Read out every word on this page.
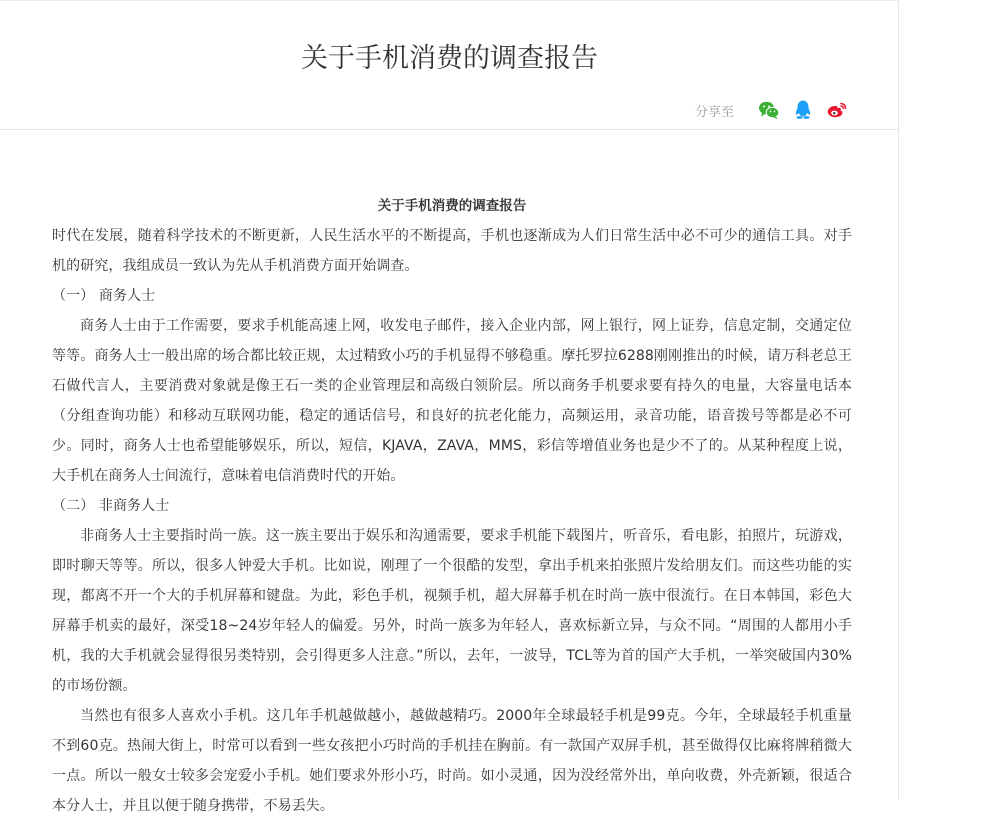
关于手机消费的调查报告
分享至

关于手机消费的调查报告

时代在发展，随着科学技术的不断更新，人民生活水平的不断提高，手机也逐渐成为人们日常生活中必不可少的通信工具。对手机的研究，我组成员一致认为先从手机消费方面开始调查。

（一） 商务人士

商务人士由于工作需要，要求手机能高速上网，收发电子邮件，接入企业内部，网上银行，网上证券，信息定制，交通定位等等。商务人士一般出席的场合都比较正规，太过精致小巧的手机显得不够稳重。摩托罗拉6288刚刚推出的时候，请万科老总王石做代言人，主要消费对象就是像王石一类的企业管理层和高级白领阶层。所以商务手机要求要有持久的电量，大容量电话本（分组查询功能）和移动互联网功能，稳定的通话信号，和良好的抗老化能力，高频运用，录音功能，语音拨号等都是必不可少。同时，商务人士也希望能够娱乐，所以，短信，KJAVA，ZAVA，MMS，彩信等增值业务也是少不了的。从某种程度上说，大手机在商务人士间流行，意味着电信消费时代的开始。

（二） 非商务人士

非商务人士主要指时尚一族。这一族主要出于娱乐和沟通需要，要求手机能下载图片，听音乐，看电影，拍照片，玩游戏，即时聊天等等。所以，很多人钟爱大手机。比如说，刚理了一个很酷的发型，拿出手机来拍张照片发给朋友们。而这些功能的实现，都离不开一个大的手机屏幕和键盘。为此，彩色手机，视频手机，超大屏幕手机在时尚一族中很流行。在日本韩国，彩色大屏幕手机卖的最好，深受18~24岁年轻人的偏爱。另外，时尚一族多为年轻人，喜欢标新立异，与众不同。“周围的人都用小手机，我的大手机就会显得很另类特别，会引得更多人注意。”所以，去年，一波导，TCL等为首的国产大手机，一举突破国内30%的市场份额。

当然也有很多人喜欢小手机。这几年手机越做越小，越做越精巧。2000年全球最轻手机是99克。今年，全球最轻手机重量不到60克。热闹大街上，时常可以看到一些女孩把小巧时尚的手机挂在胸前。有一款国产双屏手机，甚至做得仅比麻将牌稍微大一点。所以一般女士较多会宠爱小手机。她们要求外形小巧，时尚。如小灵通，因为没经常外出，单向收费，外壳新颖，很适合本分人士，并且以便于随身携带，不易丢失。
